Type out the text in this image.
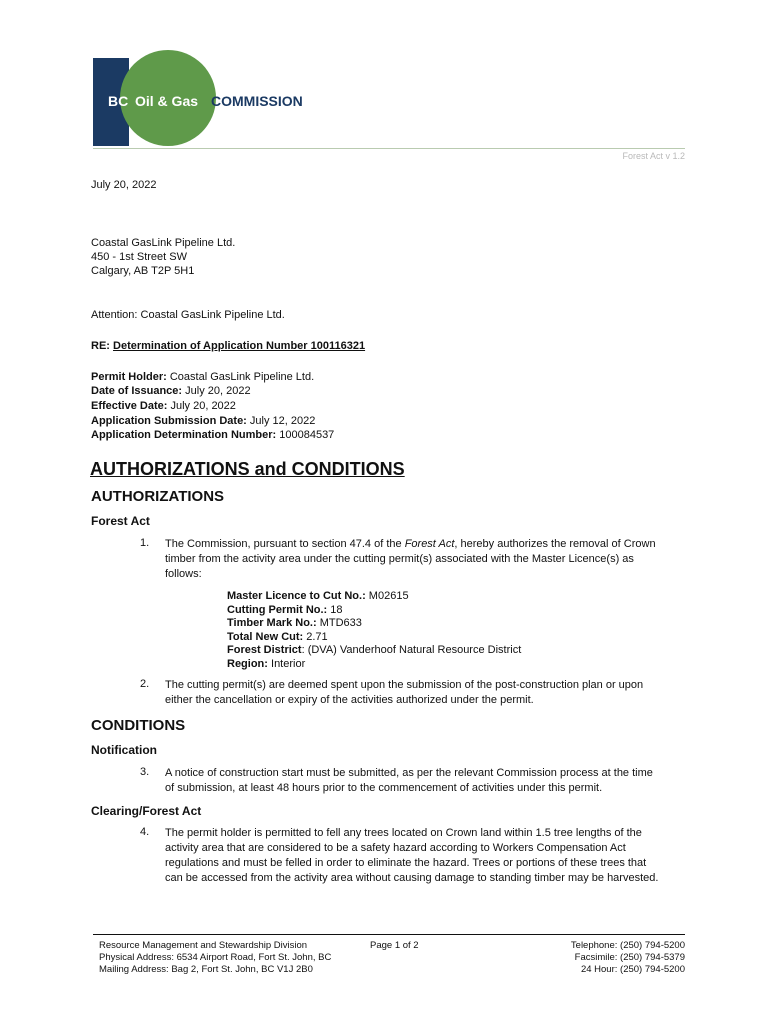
BC Oil & Gas COMMISSION
Forest Act v 1.2
July 20, 2022
Coastal GasLink Pipeline Ltd.
450 - 1st Street SW
Calgary, AB T2P 5H1
Attention: Coastal GasLink Pipeline Ltd.
RE: Determination of Application Number 100116321
Permit Holder: Coastal GasLink Pipeline Ltd.
Date of Issuance: July 20, 2022
Effective Date: July 20, 2022
Application Submission Date: July 12, 2022
Application Determination Number: 100084537
AUTHORIZATIONS and CONDITIONS
AUTHORIZATIONS
Forest Act
1. The Commission, pursuant to section 47.4 of the Forest Act, hereby authorizes the removal of Crown
timber from the activity area under the cutting permit(s) associated with the Master Licence(s) as
follows:
Master Licence to Cut No.: M02615
Cutting Permit No.: 18
Timber Mark No.: MTD633
Total New Cut: 2.71
Forest District: (DVA) Vanderhoof Natural Resource District
Region: Interior
2. The cutting permit(s) are deemed spent upon the submission of the post-construction plan or upon
either the cancellation or expiry of the activities authorized under the permit.
CONDITIONS
Notification
3. A notice of construction start must be submitted, as per the relevant Commission process at the time
of submission, at least 48 hours prior to the commencement of activities under this permit.
Clearing/Forest Act
4. The permit holder is permitted to fell any trees located on Crown land within 1.5 tree lengths of the
activity area that are considered to be a safety hazard according to Workers Compensation Act
regulations and must be felled in order to eliminate the hazard. Trees or portions of these trees that
can be accessed from the activity area without causing damage to standing timber may be harvested.
Resource Management and Stewardship Division
Physical Address: 6534 Airport Road, Fort St. John, BC
Mailing Address: Bag 2, Fort St. John, BC V1J 2B0
Page 1 of 2	Telephone: (250) 794-5200
Facsimile: (250) 794-5379
24 Hour: (250) 794-5200
